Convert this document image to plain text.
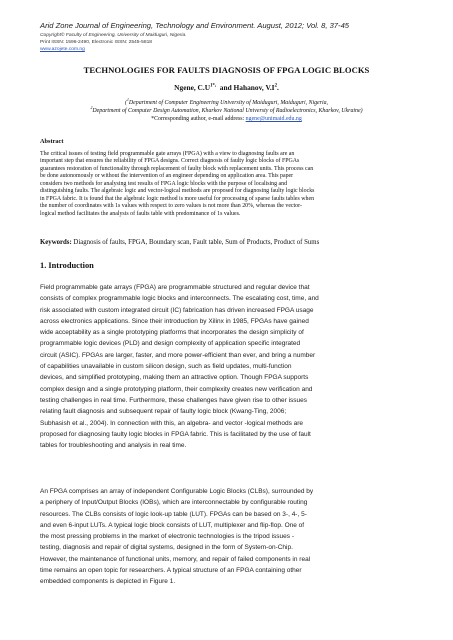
Arid Zone Journal of Engineering, Technology and Environment. August, 2012; Vol. 8, 37-45
Copyright© Faculty of Engineering, University of Maiduguri, Nigeria.
Print ISSN: 1596-2490, Electronic ISSN: 2545-5818
www.azojete.com.ng
TECHNOLOGIES FOR FAULTS DIAGNOSIS OF FPGA LOGIC BLOCKS
Ngene, $C.U^{1*,}$ and Hahanov, $V.I^2$.
($^1$Department of Computer Engineering University of Maiduguri, Maiduguri, Nigeria,
$^2$Department of Computer Design Automation, Kharkov National Universty of Radioelectronics, Kharkov, Ukraine)
*Corresponding author, e-mail address: ngene@unimaid.edu.ng
Abstract
The critical issues of testing field programmable gate arrays (FPGA) with a view to diagnosing faults are an
important step that ensures the reliability of FPGA designs. Correct diagnosis of faulty logic blocks of FPGAs
guarantees restoration of functionality through replacement of faulty block with replacement units. This process can
be done autonomously or without the intervention of an engineer depending on application area. This paper
considers two methods for analysing test results of FPGA logic blocks with the purpose of localising and
distinguishing faults. The algebraic logic and vector-logical methods are proposed for diagnosing faulty logic blocks
in FPGA fabric. It is found that the algebraic logic method is more useful for processing of sparse faults tables when
the number of coordinates with 1s values with respect to zero values is not more than 20%, whereas the vector-
logical method facilitates the analysis of faults table with predominance of 1s values.
Keywords: Diagnosis of faults, FPGA, Boundary scan, Fault table, Sum of Products, Product of Sums
1. Introduction
Field programmable gate arrays (FPGA) are programmable structured and regular device that
consists of complex programmable logic blocks and interconnects. The escalating cost, time, and
risk associated with custom integrated circuit (IC) fabrication has driven increased FPGA usage
across electronics applications. Since their introduction by Xilinx in 1985, FPGAs have gained
wide acceptability as a single prototyping platforms that incorporates the design simplicity of
programmable logic devices (PLD) and design complexity of application specific integrated
circuit (ASIC). FPGAs are larger, faster, and more power-efficient than ever, and bring a number
of capabilities unavailable in custom silicon design, such as field updates, multi-function
devices, and simplified prototyping, making them an attractive option. Though FPGA supports
complex design and a single prototyping platform, their complexity creates new verification and
testing challenges in real time. Furthermore, these challenges have given rise to other issues
relating fault diagnosis and subsequent repair of faulty logic block (Kwang-Ting, 2006;
Subhasish et al., 2004). In connection with this, an algebra- and vector -logical methods are
proposed for diagnosing faulty logic blocks in FPGA fabric. This is facilitated by the use of fault
tables for troubleshooting and analysis in real time.
An FPGA comprises an array of independent Configurable Logic Blocks (CLBs), surrounded by
a periphery of Input/Output Blocks (IOBs), which are interconnectable by configurable routing
resources. The CLBs consists of logic look-up table (LUT). FPGAs can be based on 3-, 4-, 5-
and even 6-input LUTs. A typical logic block consists of LUT, multiplexer and flip-flop. One of
the most pressing problems in the market of electronic technologies is the tripod issues -
testing, diagnosis and repair of digital systems, designed in the form of System-on-Chip.
However, the maintenance of functional units, memory, and repair of failed components in real
time remains an open topic for researchers. A typical structure of an FPGA containing other
embedded components is depicted in Figure 1.
